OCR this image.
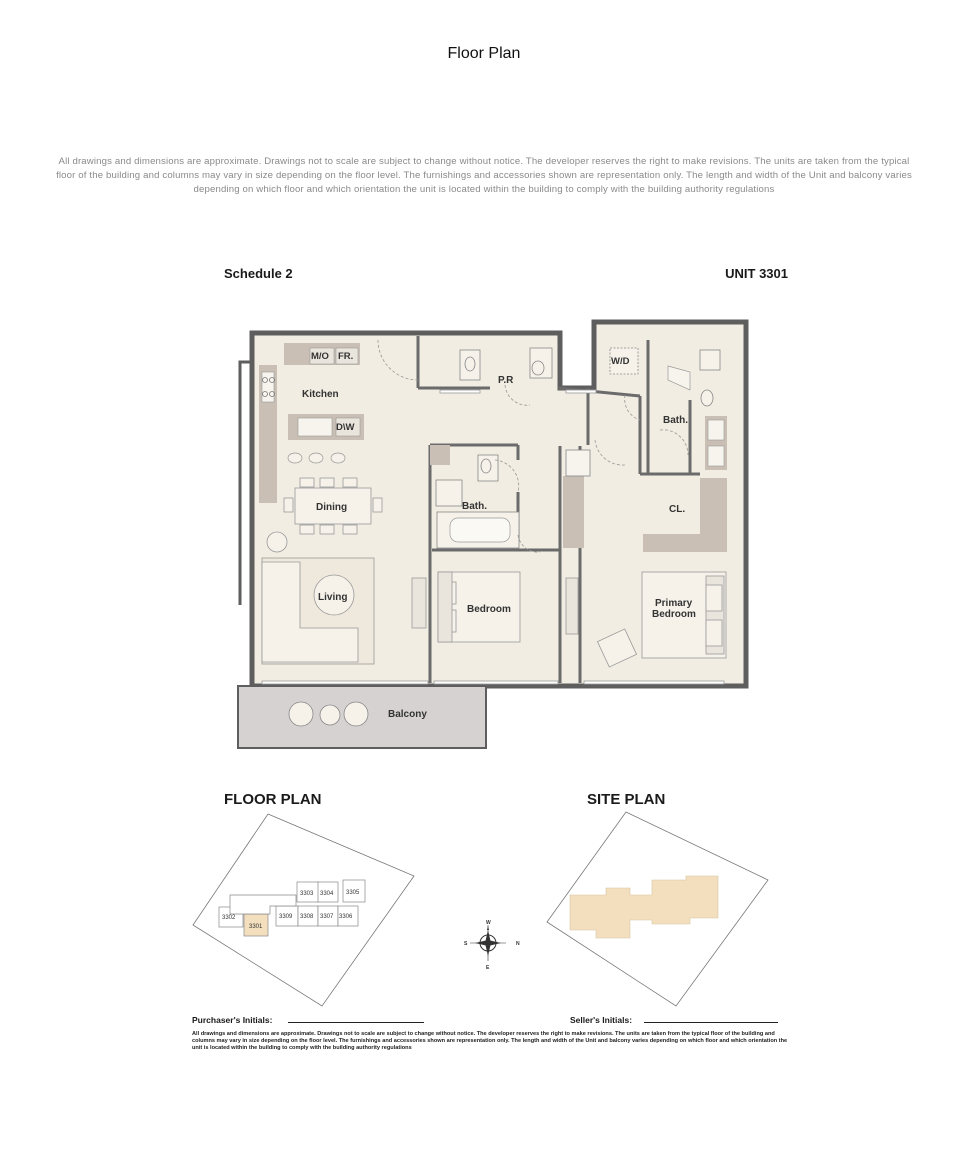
Floor Plan
All drawings and dimensions are approximate. Drawings not to scale are subject to change without notice. The developer reserves the right to make revisions. The units are taken from the typical floor of the building and columns may vary in size depending on the floor level. The furnishings and accessories shown are representation only. The length and width of the Unit and balcony varies depending on which floor and which orientation the unit is located within the building to comply with the building authority regulations
Schedule 2	UNIT 3301
Kitchen
Dining
Living
Balcony
P.R
Bath.
Bedroom
Primary
Bedroom
Bath.
CL.
M/O FR.
D\W
W/D
3302
3301
3303 3304 3305
3309 3308 3307 3306
W
N
E
S
FLOOR PLAN	SITE PLAN
Purchaser's Initials:	Seller's Initials:
All drawings and dimensions are approximate. Drawings not to scale are subject to change without notice. The developer reserves the right to make revisions. The units are taken from the typical floor of the building and columns may vary in size depending on the floor level. The furnishings and accessories shown are representation only. The length and width of the Unit and balcony varies depending on which floor and which orientation the unit is located within the building to comply with the building authority regulations
